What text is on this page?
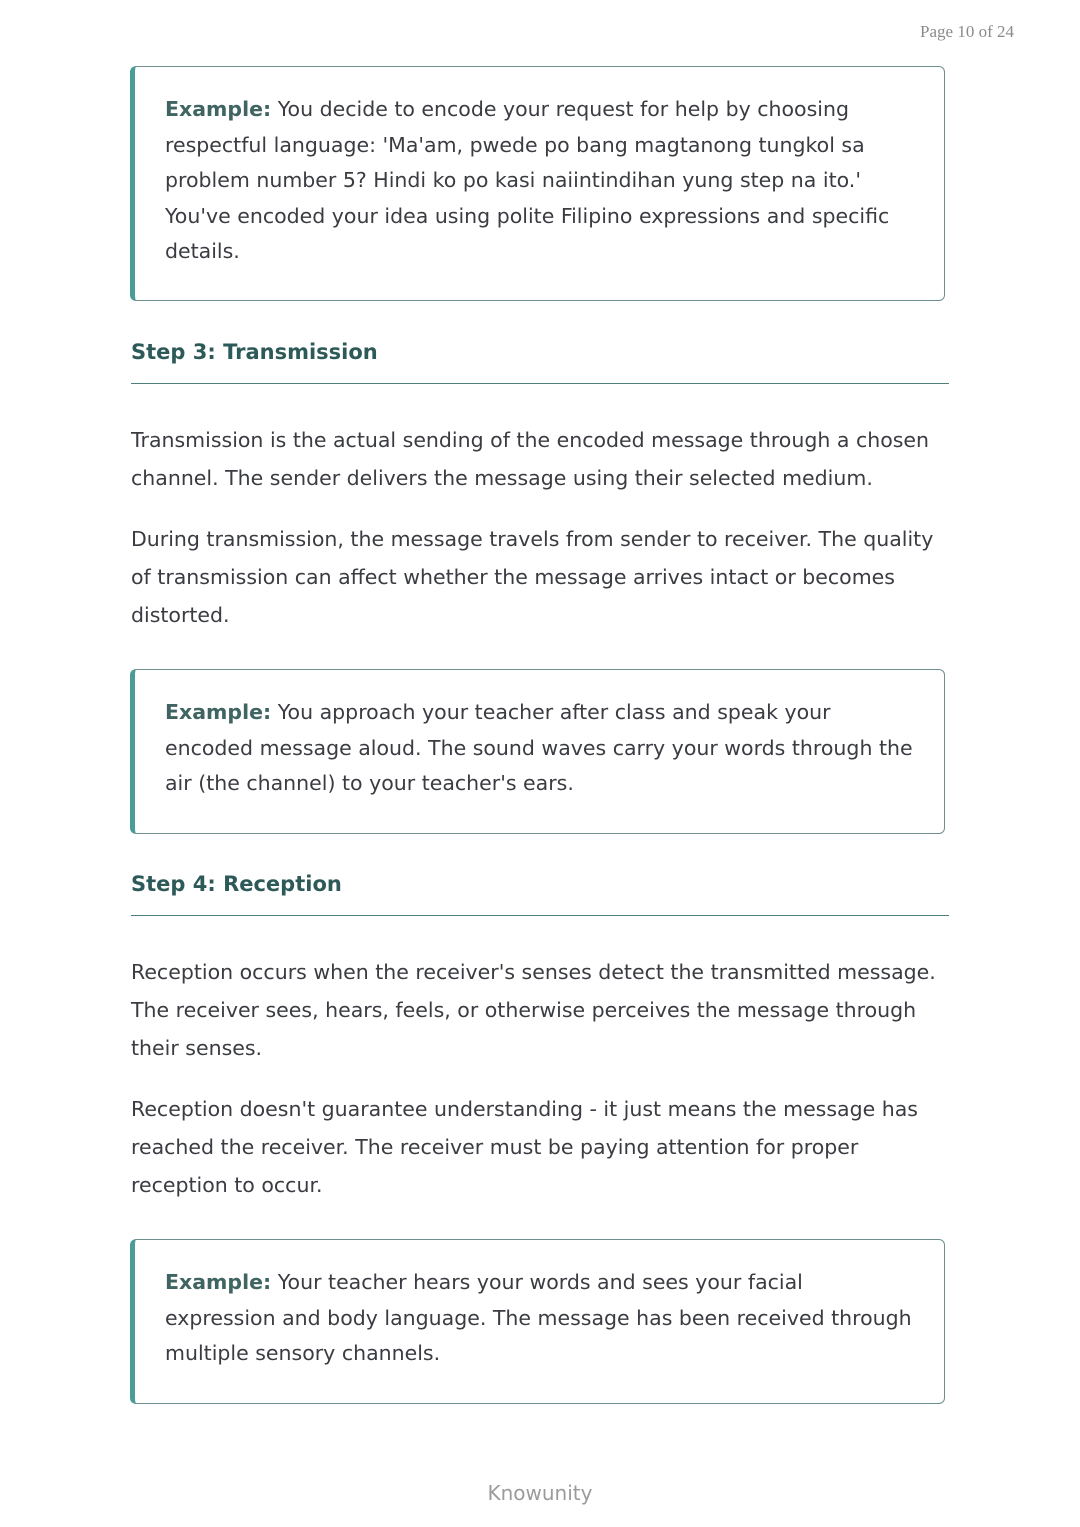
Page 10 of 24
Example: You decide to encode your request for help by choosing respectful language: 'Ma'am, pwede po bang magtanong tungkol sa problem number 5? Hindi ko po kasi naiintindihan yung step na ito.' You've encoded your idea using polite Filipino expressions and specific details.
Step 3: Transmission

Transmission is the actual sending of the encoded message through a chosen channel. The sender delivers the message using their selected medium.

During transmission, the message travels from sender to receiver. The quality of transmission can affect whether the message arrives intact or becomes distorted.

Example: You approach your teacher after class and speak your encoded message aloud. The sound waves carry your words through the air (the channel) to your teacher's ears.
Step 4: Reception

Reception occurs when the receiver's senses detect the transmitted message. The receiver sees, hears, feels, or otherwise perceives the message through their senses.

Reception doesn't guarantee understanding - it just means the message has reached the receiver. The receiver must be paying attention for proper reception to occur.

Example: Your teacher hears your words and sees your facial expression and body language. The message has been received through multiple sensory channels.
Knowunity
